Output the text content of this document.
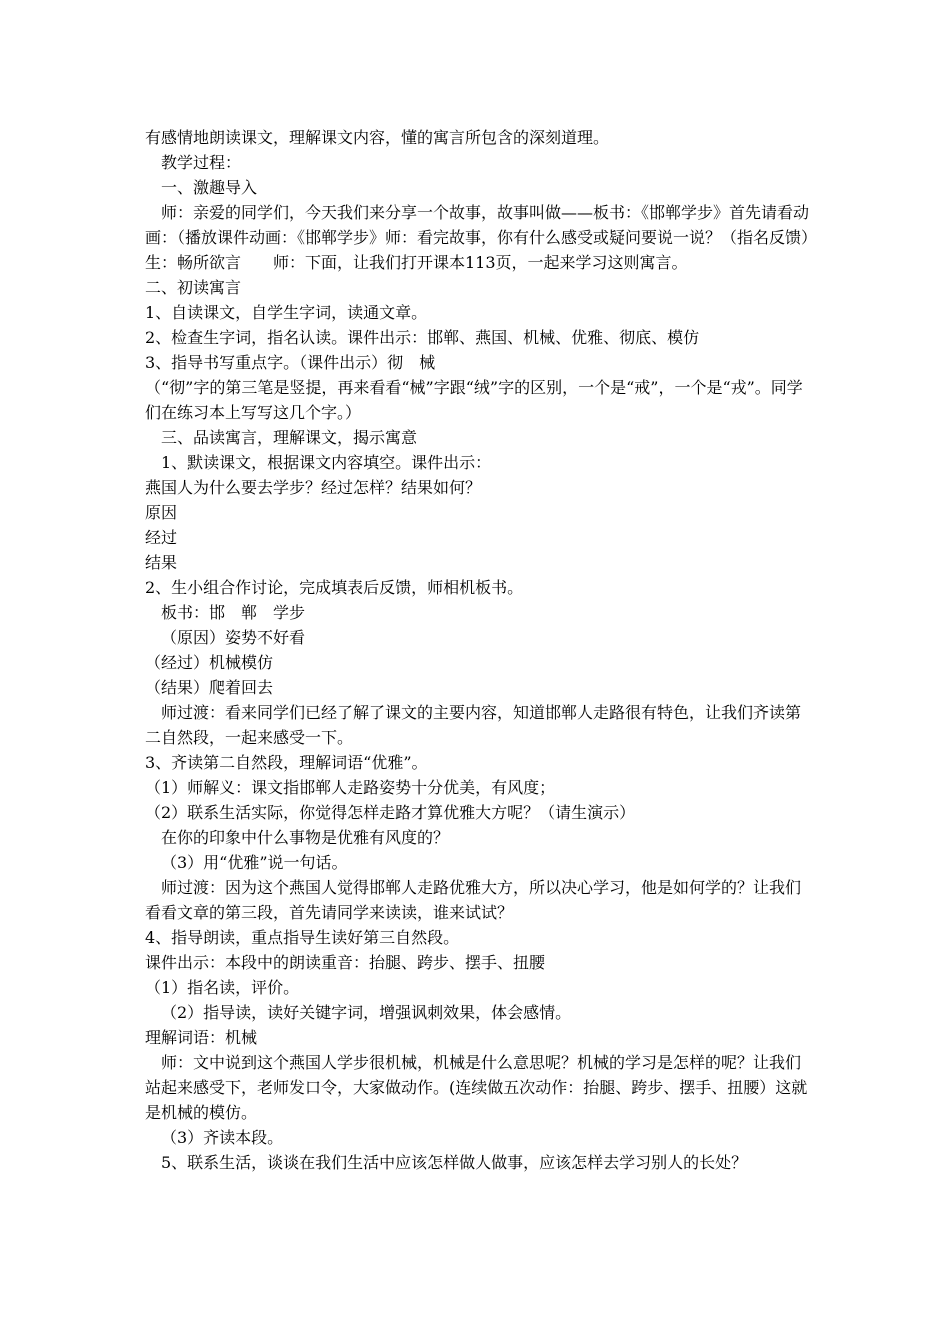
有感情地朗读课文，理解课文内容，懂的寓言所包含的深刻道理。

教学过程：

一、激趣导入

师：亲爱的同学们，今天我们来分享一个故事，故事叫做——板书：《邯郸学步》首先请看动画：（播放课件动画：《邯郸学步》师：看完故事，你有什么感受或疑问要说一说？（指名反馈）　生：畅所欲言　　师：下面，让我们打开课本113页，一起来学习这则寓言。

二、初读寓言

1、自读课文，自学生字词，读通文章。

2、检查生字词，指名认读。课件出示：邯郸、燕国、机械、优雅、彻底、模仿

3、指导书写重点字。（课件出示）彻　械

（“彻”字的第三笔是竖提，再来看看“械”字跟“绒”字的区别，一个是“戒”，一个是“戎”。同学们在练习本上写写这几个字。）

三、品读寓言，理解课文，揭示寓意

1、默读课文，根据课文内容填空。课件出示：

燕国人为什么要去学步？经过怎样？结果如何？

原因

经过

结果

2、生小组合作讨论，完成填表后反馈，师相机板书。

板书：邯　郸　学步

（原因）姿势不好看

（经过）机械模仿

（结果）爬着回去

师过渡：看来同学们已经了解了课文的主要内容，知道邯郸人走路很有特色，让我们齐读第二自然段，一起来感受一下。

3、齐读第二自然段，理解词语“优雅”。

（1）师解义：课文指邯郸人走路姿势十分优美，有风度；

（2）联系生活实际，你觉得怎样走路才算优雅大方呢？（请生演示）

在你的印象中什么事物是优雅有风度的？

（3）用“优雅”说一句话。

师过渡：因为这个燕国人觉得邯郸人走路优雅大方，所以决心学习，他是如何学的？让我们看看文章的第三段，首先请同学来读读，谁来试试？

4、指导朗读，重点指导生读好第三自然段。

课件出示：本段中的朗读重音：抬腿、跨步、摆手、扭腰

（1）指名读，评价。

（2）指导读，读好关键字词，增强讽刺效果，体会感情。

理解词语：机械

师：文中说到这个燕国人学步很机械，机械是什么意思呢？机械的学习是怎样的呢？让我们站起来感受下，老师发口令，大家做动作。(连续做五次动作：抬腿、跨步、摆手、扭腰）这就是机械的模仿。

（3）齐读本段。

5、联系生活，谈谈在我们生活中应该怎样做人做事，应该怎样去学习别人的长处？
